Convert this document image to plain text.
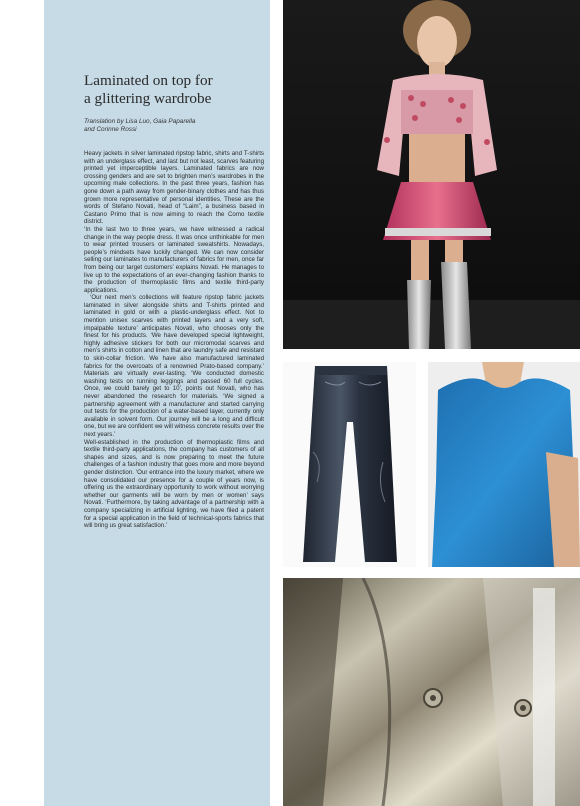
Laminated on top for
a glittering wardrobe
Translation by Lisa Luo, Gaia Paparella
and Corinne Rossi

Heavy jackets in silver laminated ripstop fabric, shirts and T-shirts with an underglass effect, and last but not least, scarves featuring printed yet imperceptible layers. Laminated fabrics are now crossing genders and are set to brighten men’s wardrobes in the upcoming male collections. In the past three years, fashion has gone down a path away from gender-binary clothes and has thus grown more representative of personal identities. These are the words of Stefano Novati, head of “Laim”, a business based in Castano Primo that is now aiming to reach the Como textile district.

‘In the last two to three years, we have witnessed a radical change in the way people dress. It was once unthinkable for men to wear printed trousers or laminated sweatshirts. Nowadays, people’s mindsets have luckily changed. We can now consider selling our laminates to manufacturers of fabrics for men, once far from being our target customers’ explains Novati. He manages to live up to the expectations of an ever-changing fashion thanks to the production of thermoplastic films and textile third-party applications.

‘Our next men’s collections will feature ripstop fabric jackets laminated in silver alongside shirts and T-shirts printed and laminated in gold or with a plastic-underglass effect. Not to mention unisex scarves with printed layers and a very soft, impalpable texture’ anticipates Novati, who chooses only the finest for his products. ‘We have developed special lightweight, highly adhesive stickers for both our micromodal scarves and men’s shirts in cotton and linen that are laundry safe and resistant to skin-collar friction. We have also manufactured laminated fabrics for the overcoats of a renowned Prato-based company.’ Materials are virtually ever-lasting. ‘We conducted domestic washing tests on running leggings and passed 60 full cycles. Once, we could barely get to 10’, points out Novati, who has never abandoned the research for materials. ‘We signed a partnership agreement with a manufacturer and started carrying out tests for the production of a water-based layer, currently only available in solvent form. Our journey will be a long and difficult one, but we are confident we will witness concrete results over the next years.’

Well-established in the production of thermoplastic films and textile third-party applications, the company has customers of all shapes and sizes, and is now preparing to meet the future challenges of a fashion industry that goes more and more beyond gender distinction. ‘Our entrance into the luxury market, where we have consolidated our presence for a couple of years now, is offering us the extraordinary opportunity to work without worrying whether our garments will be worn by men or women’ says Novati. ‘Furthermore, by taking advantage of a partnership with a company specializing in artificial lighting, we have filed a patent for a special application in the field of technical-sports fabrics that will bring us great satisfaction.’
